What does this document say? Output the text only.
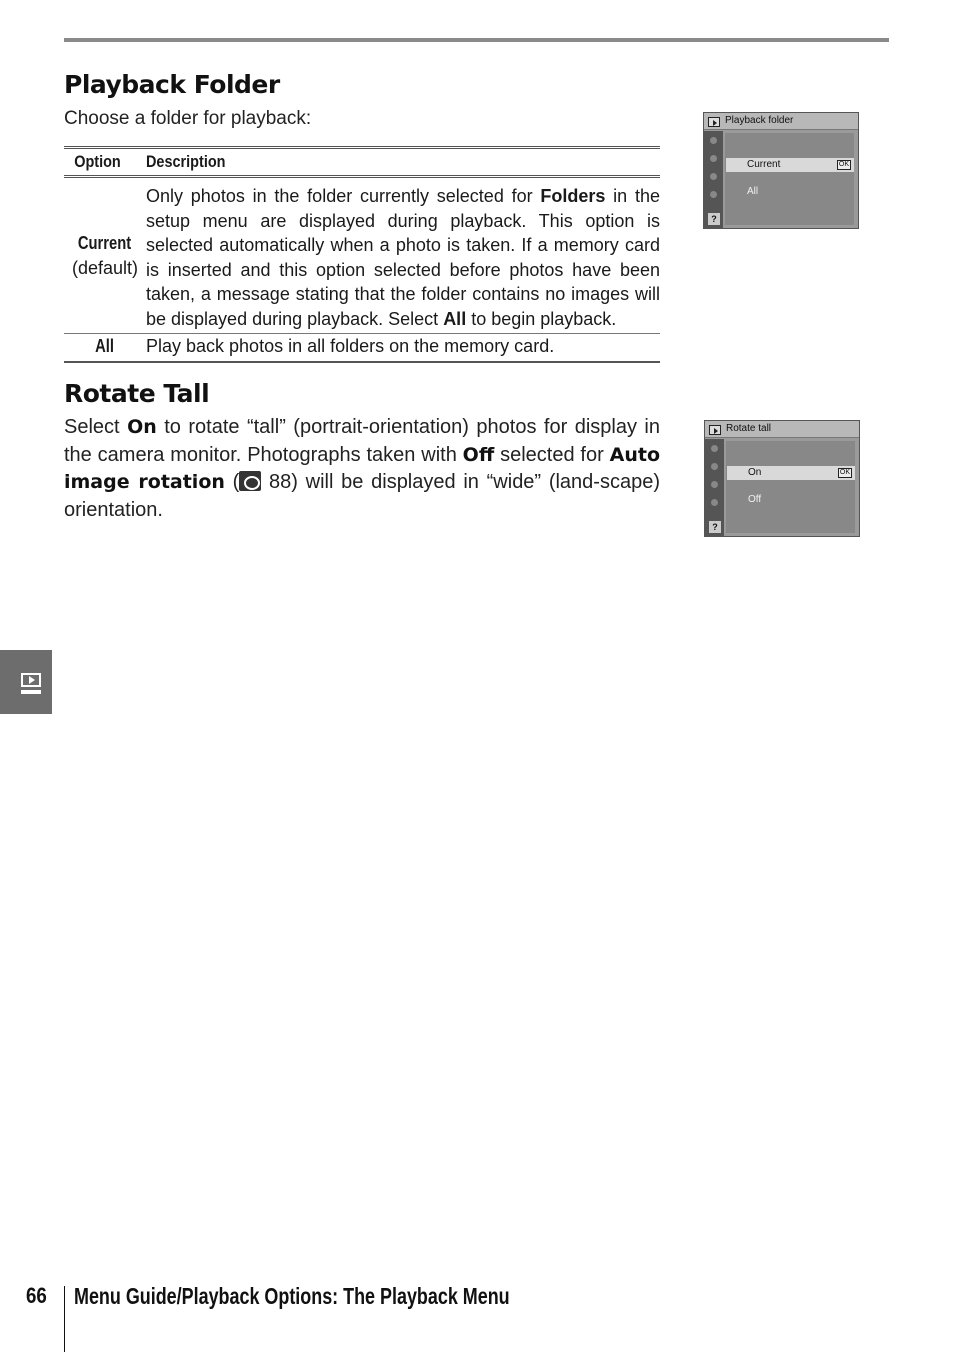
Playback Folder
Choose a folder for playback:
Option	Description
Current
(default)	Only photos in the folder currently selected for Folders in the setup menu are displayed during playback. This option is selected automatically when a photo is taken. If a memory card is inserted and this option selected before photos have been taken, a message stating that the folder contains no images will be displayed during playback. Select All to begin playback.
All	Play back photos in all folders on the memory card.
Playback folder
?
Current	OK
All
Rotate Tall
Select On to rotate “tall” (portrait-orientation) photos for display in the camera monitor. Photographs taken with Off selected for Auto image rotation ( 88) will be displayed in “wide” (land-scape) orientation.
Rotate tall
?
On	OK
Off
66 Menu Guide/Playback Options: The Playback Menu
